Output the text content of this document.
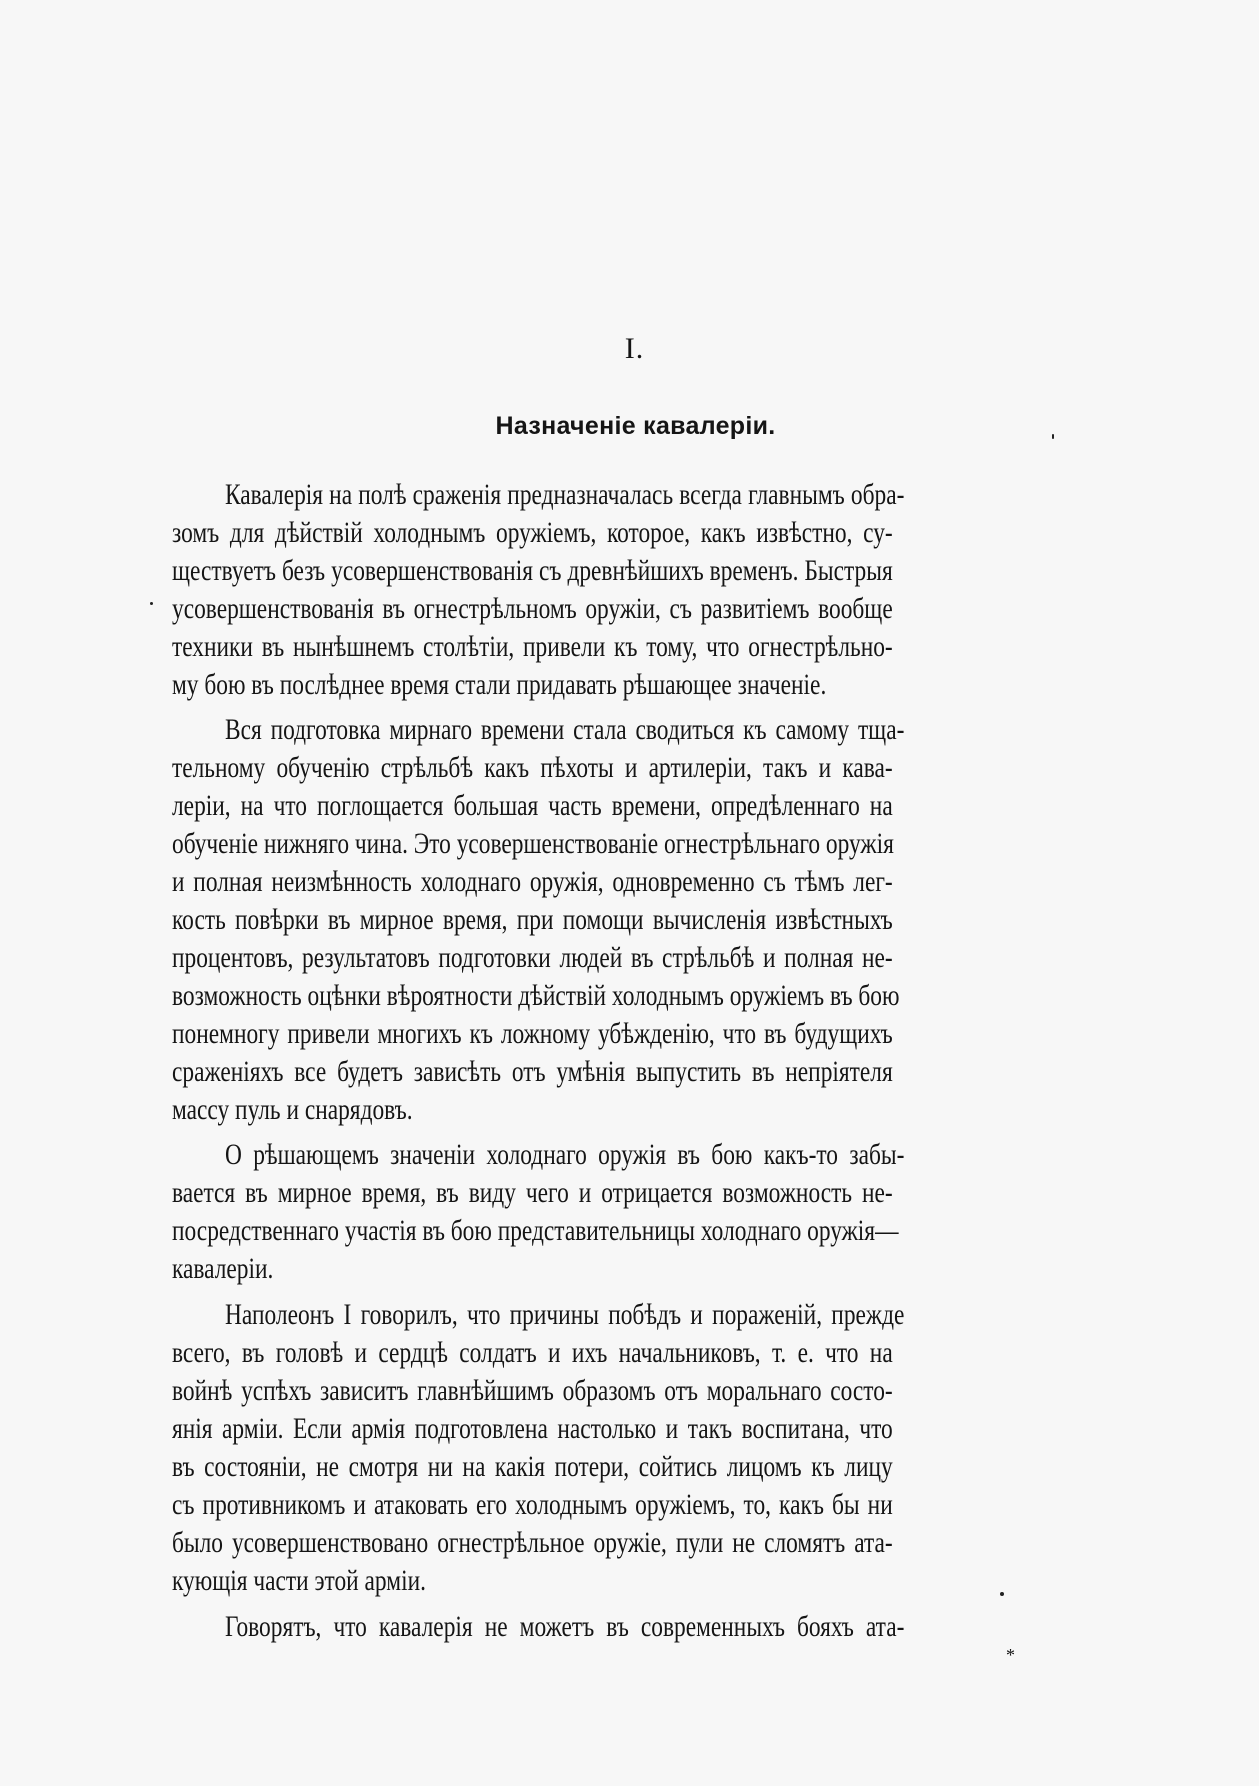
I.
Назначеніе кавалеріи.
Кавалерія на полѣ сраженія предназначалась всегда главнымъ обра-
зомъ для дѣйствій холоднымъ оружіемъ, которое, какъ извѣстно, су-
ществуетъ безъ усовершенствованія съ древнѣйшихъ временъ. Быстрыя
усовершенствованія въ огнестрѣльномъ оружіи, съ развитіемъ вообще
техники въ нынѣшнемъ столѣтіи, привели къ тому, что огнестрѣльно-
му бою въ послѣднее время стали придавать рѣшающее значеніе.
Вся подготовка мирнаго времени стала сводиться къ самому тща-
тельному обученію стрѣльбѣ какъ пѣхоты и артилеріи, такъ и кава-
леріи, на что поглощается большая часть времени, опредѣленнаго на
обученіе нижняго чина. Это усовершенствованіе огнестрѣльнаго оружія
и полная неизмѣнность холоднаго оружія, одновременно съ тѣмъ лег-
кость повѣрки въ мирное время, при помощи вычисленія извѣстныхъ
процентовъ, результатовъ подготовки людей въ стрѣльбѣ и полная не-
возможность оцѣнки вѣроятности дѣйствій холоднымъ оружіемъ въ бою
понемногу привели многихъ къ ложному убѣжденію, что въ будущихъ
сраженіяхъ все будетъ зависѣть отъ умѣнія выпустить въ непріятеля
массу пуль и снарядовъ.
О рѣшающемъ значеніи холоднаго оружія въ бою какъ-то забы-
вается въ мирное время, въ виду чего и отрицается возможность не-
посредственнаго участія въ бою представительницы холоднаго оружія—
кавалеріи.
Наполеонъ I говорилъ, что причины побѣдъ и пораженій, прежде
всего, въ головѣ и сердцѣ солдатъ и ихъ начальниковъ, т. е. что на
войнѣ успѣхъ зависитъ главнѣйшимъ образомъ отъ моральнаго состо-
янія арміи. Если армія подготовлена настолько и такъ воспитана, что
въ состояніи, не смотря ни на какія потери, сойтись лицомъ къ лицу
съ противникомъ и атаковать его холоднымъ оружіемъ, то, какъ бы ни
было усовершенствовано огнестрѣльное оружіе, пули не сломятъ ата-
кующія части этой арміи.
Говорятъ, что кавалерія не можетъ въ современныхъ бояхъ ата-
*
